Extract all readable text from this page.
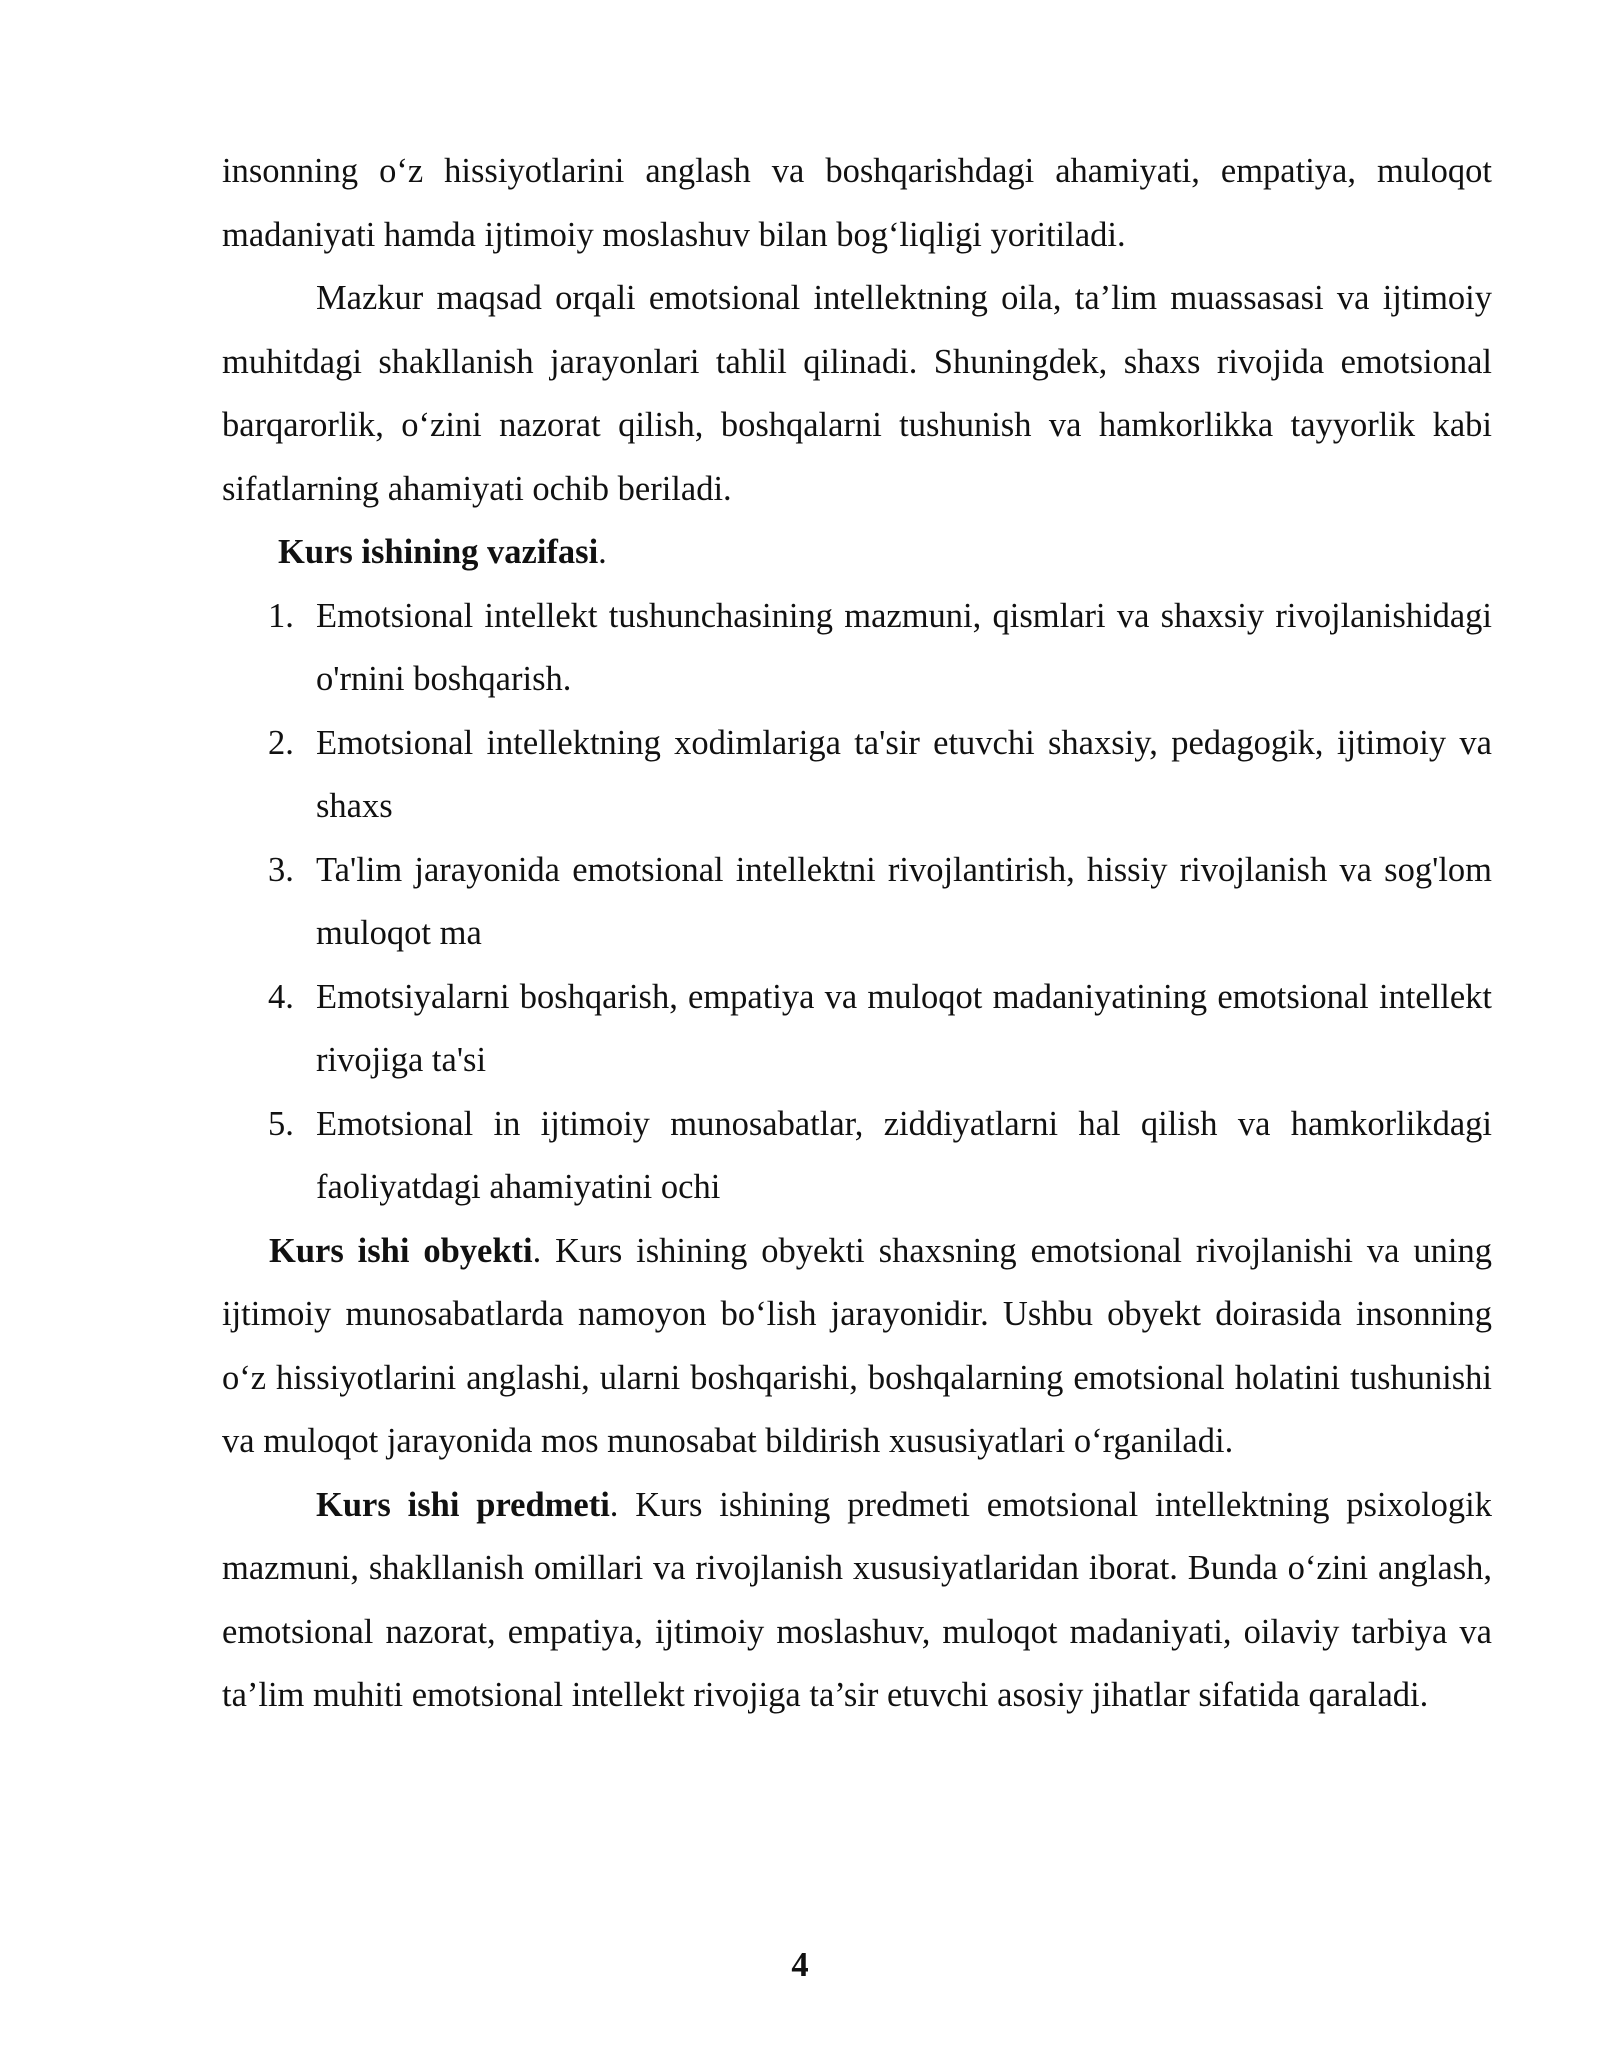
insonning o‘z hissiyotlarini anglash va boshqarishdagi ahamiyati, empatiya, muloqot madaniyati hamda ijtimoiy moslashuv bilan bog‘liqligi yoritiladi.

Mazkur maqsad orqali emotsional intellektning oila, ta’lim muassasasi va ijtimoiy muhitdagi shakllanish jarayonlari tahlil qilinadi. Shuningdek, shaxs rivojida emotsional barqarorlik, o‘zini nazorat qilish, boshqalarni tushunish va hamkorlikka tayyorlik kabi sifatlarning ahamiyati ochib beriladi.

Kurs ishining vazifasi.

1. Emotsional intellekt tushunchasining mazmuni, qismlari va shaxsiy rivojlanishidagi o'rnini boshqarish.
2. Emotsional intellektning xodimlariga ta'sir etuvchi shaxsiy, pedagogik, ijtimoiy va shaxs
3. Ta'lim jarayonida emotsional intellektni rivojlantirish, hissiy rivojlanish va sog'lom muloqot ma
4. Emotsiyalarni boshqarish, empatiya va muloqot madaniyatining emotsional intellekt rivojiga ta'si
5. Emotsional in ijtimoiy munosabatlar, ziddiyatlarni hal qilish va hamkorlikdagi faoliyatdagi ahamiyatini ochi

Kurs ishi obyekti. Kurs ishining obyekti shaxsning emotsional rivojlanishi va uning ijtimoiy munosabatlarda namoyon bo‘lish jarayonidir. Ushbu obyekt doirasida insonning o‘z hissiyotlarini anglashi, ularni boshqarishi, boshqalarning emotsional holatini tushunishi va muloqot jarayonida mos munosabat bildirish xususiyatlari o‘rganiladi.

Kurs ishi predmeti. Kurs ishining predmeti emotsional intellektning psixologik mazmuni, shakllanish omillari va rivojlanish xususiyatlaridan iborat. Bunda o‘zini anglash, emotsional nazorat, empatiya, ijtimoiy moslashuv, muloqot madaniyati, oilaviy tarbiya va ta’lim muhiti emotsional intellekt rivojiga ta’sir etuvchi asosiy jihatlar sifatida qaraladi.

4
